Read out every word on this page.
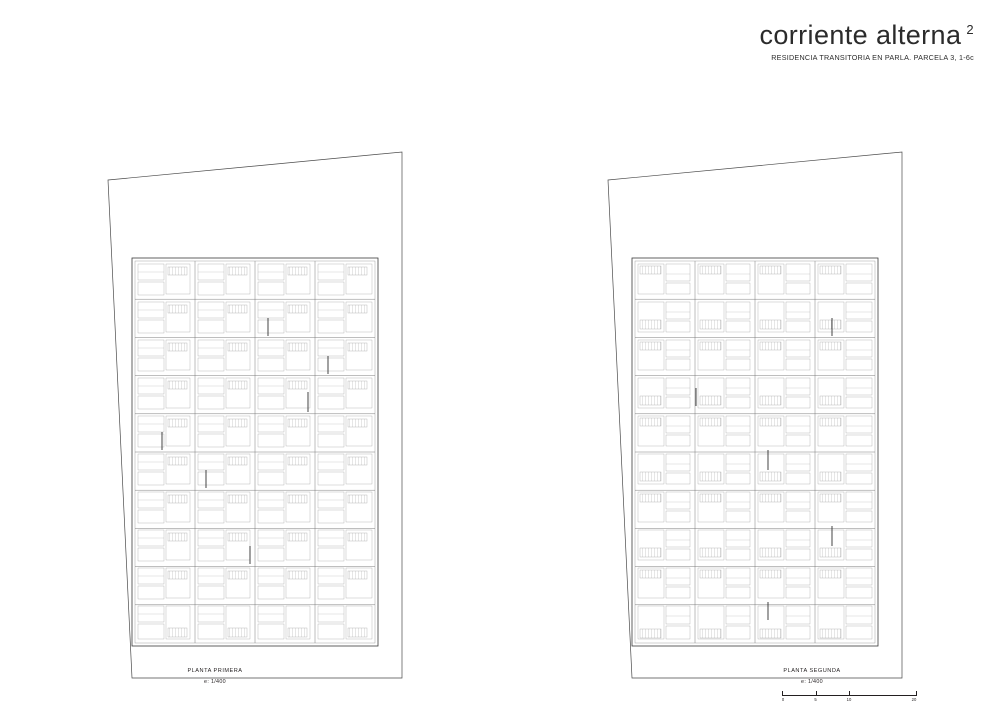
corriente alterna $^2$
RESIDENCIA TRANSITORIA EN PARLA. PARCELA 3, 1-6c
PLANTA PRIMERA
e: 1/400
PLANTA SEGUNDA
e: 1/400
0	5	10	20
